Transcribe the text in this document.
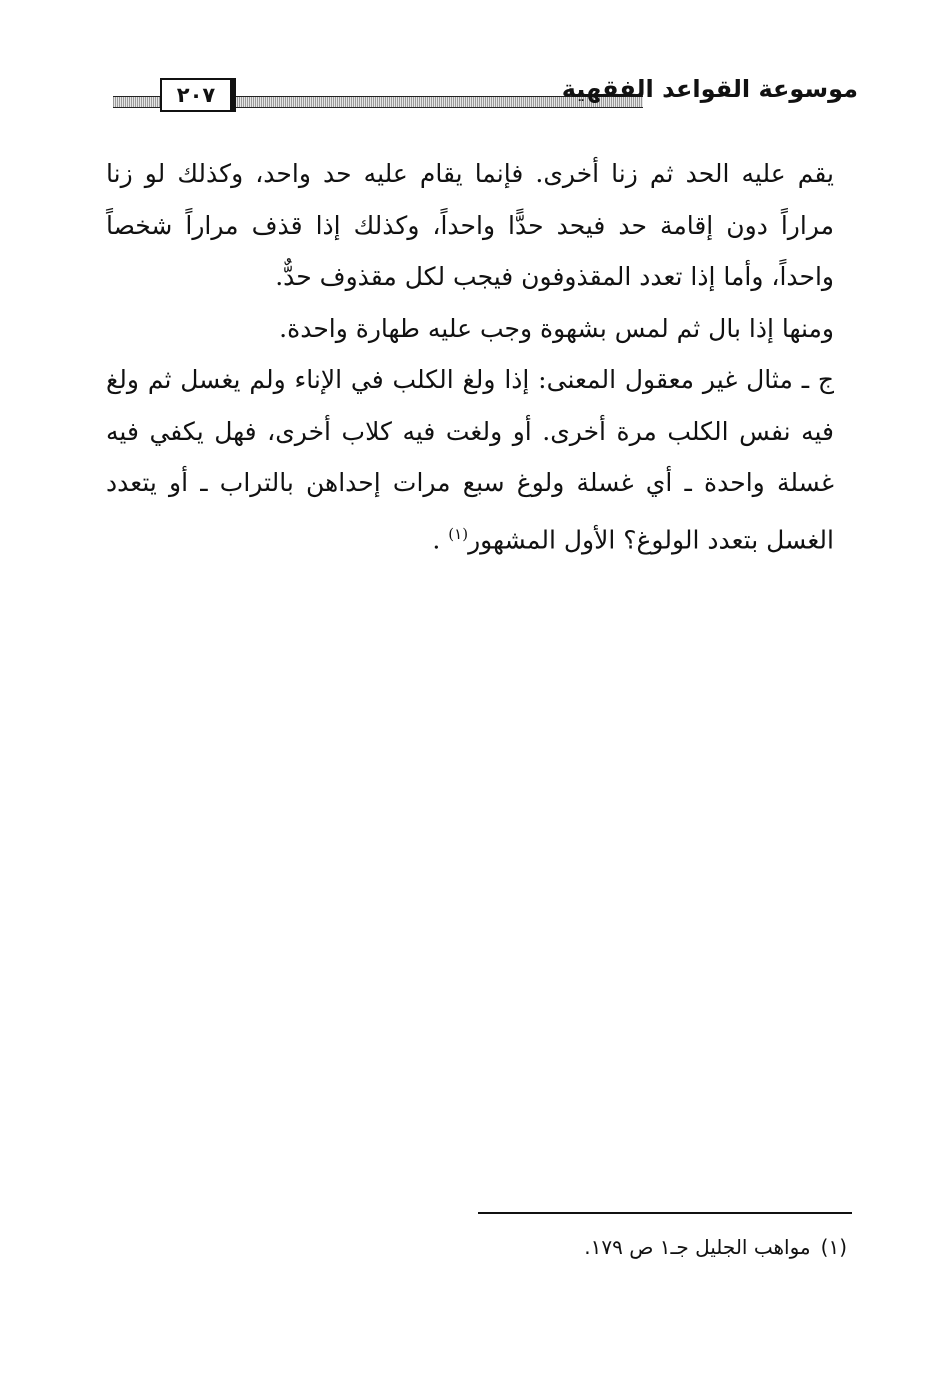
٢٠٧	موسوعة القواعد الفقهية

يقم عليه الحد ثم زنا أخرى. فإنما يقام عليه حد واحد، وكذلك لو زنا مراراً دون إقامة حد فيحد حدًّا واحداً، وكذلك إذا قذف مراراً شخصاً واحداً، وأما إذا تعدد المقذوفون فيجب لكل مقذوف حدٌّ.

ومنها إذا بال ثم لمس بشهوة وجب عليه طهارة واحدة.

ج ـ مثال غير معقول المعنى: إذا ولغ الكلب في الإناء ولم يغسل ثم ولغ فيه نفس الكلب مرة أخرى. أو ولغت فيه كلاب أخرى، فهل يكفي فيه غسلة واحدة ـ أي غسلة ولوغ سبع مرات إحداهن بالتراب ـ أو يتعدد الغسل بتعدد الولوغ؟ الأول المشهور$^{(١)}$ .

(١)مواهب الجليل جـ١ ص ١٧٩.
